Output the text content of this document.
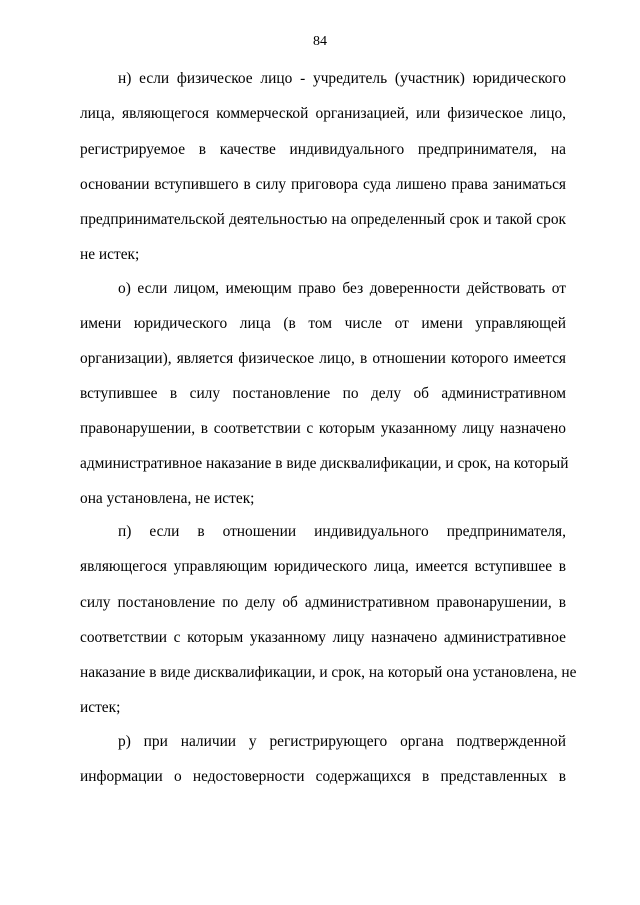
84
н) если физическое лицо - учредитель (участник) юридического
лица, являющегося коммерческой организацией, или физическое лицо,
регистрируемое в качестве индивидуального предпринимателя, на
основании вступившего в силу приговора суда лишено права заниматься
предпринимательской деятельностью на определенный срок и такой срок
не истек;
о) если лицом, имеющим право без доверенности действовать от
имени юридического лица (в том числе от имени управляющей
организации), является физическое лицо, в отношении которого имеется
вступившее в силу постановление по делу об административном
правонарушении, в соответствии с которым указанному лицу назначено
административное наказание в виде дисквалификации, и срок, на который
она установлена, не истек;
п) если в отношении индивидуального предпринимателя,
являющегося управляющим юридического лица, имеется вступившее в
силу постановление по делу об административном правонарушении, в
соответствии с которым указанному лицу назначено административное
наказание в виде дисквалификации, и срок, на который она установлена, не
истек;
р) при наличии у регистрирующего органа подтвержденной
информации о недостоверности содержащихся в представленных в
